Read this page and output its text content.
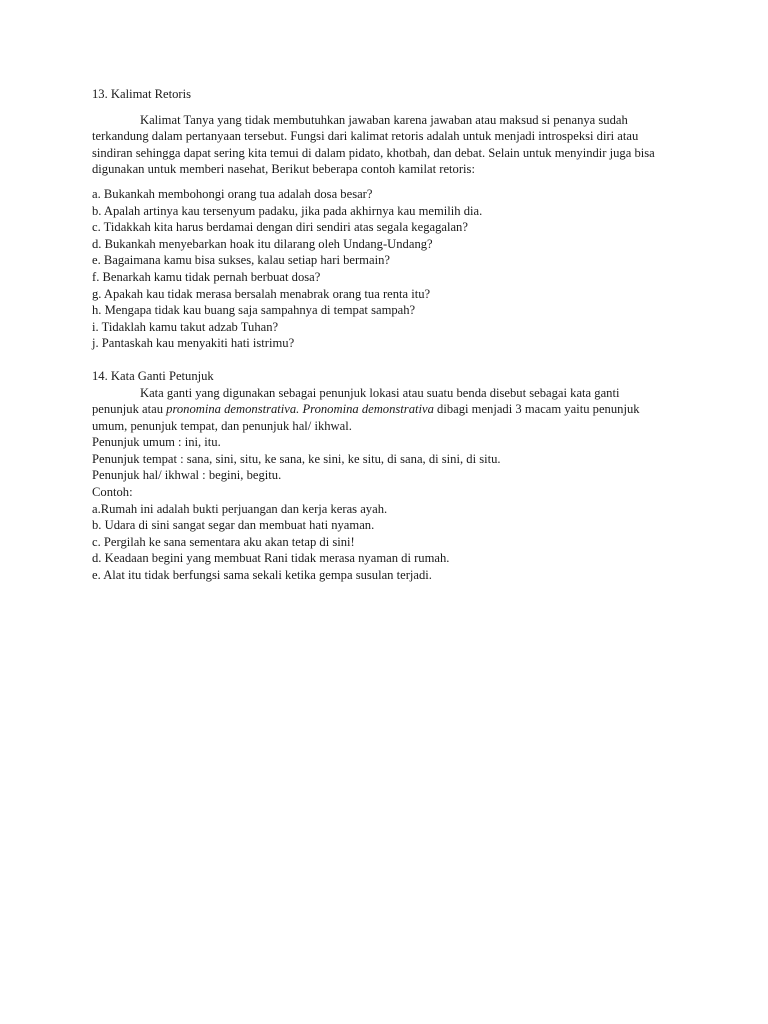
13. Kalimat Retoris

Kalimat Tanya yang tidak membutuhkan jawaban karena jawaban atau maksud si penanya sudah terkandung dalam pertanyaan tersebut. Fungsi dari kalimat retoris adalah untuk menjadi introspeksi diri atau sindiran sehingga dapat sering kita temui di dalam pidato, khotbah, dan debat. Selain untuk menyindir juga bisa digunakan untuk memberi nasehat, Berikut beberapa contoh kamilat retoris:

a. Bukankah membohongi orang tua adalah dosa besar?
b. Apalah artinya kau tersenyum padaku, jika pada akhirnya kau memilih dia.
c. Tidakkah kita harus berdamai dengan diri sendiri atas segala kegagalan?
d. Bukankah menyebarkan hoak itu dilarang oleh Undang-Undang?
e. Bagaimana kamu bisa sukses, kalau setiap hari bermain?
f. Benarkah kamu tidak pernah berbuat dosa?
g. Apakah kau tidak merasa bersalah menabrak orang tua renta itu?
h. Mengapa tidak kau buang saja sampahnya di tempat sampah?
i. Tidaklah kamu takut adzab Tuhan?
j. Pantaskah kau menyakiti hati istrimu?

14. Kata Ganti Petunjuk

Kata ganti yang digunakan sebagai penunjuk lokasi atau suatu benda disebut sebagai kata ganti penunjuk atau pronomina demonstrativa. Pronomina demonstrativa dibagi menjadi 3 macam yaitu penunjuk umum, penunjuk tempat, dan penunjuk hal/ ikhwal.

Penunjuk umum : ini, itu.

Penunjuk tempat : sana, sini, situ, ke sana, ke sini, ke situ, di sana, di sini, di situ.

Penunjuk hal/ ikhwal : begini, begitu.

Contoh:

a.Rumah ini adalah bukti perjuangan dan kerja keras ayah.
b. Udara di sini sangat segar dan membuat hati nyaman.
c. Pergilah ke sana sementara aku akan tetap di sini!
d. Keadaan begini yang membuat Rani tidak merasa nyaman di rumah.
e. Alat itu tidak berfungsi sama sekali ketika gempa susulan terjadi.
